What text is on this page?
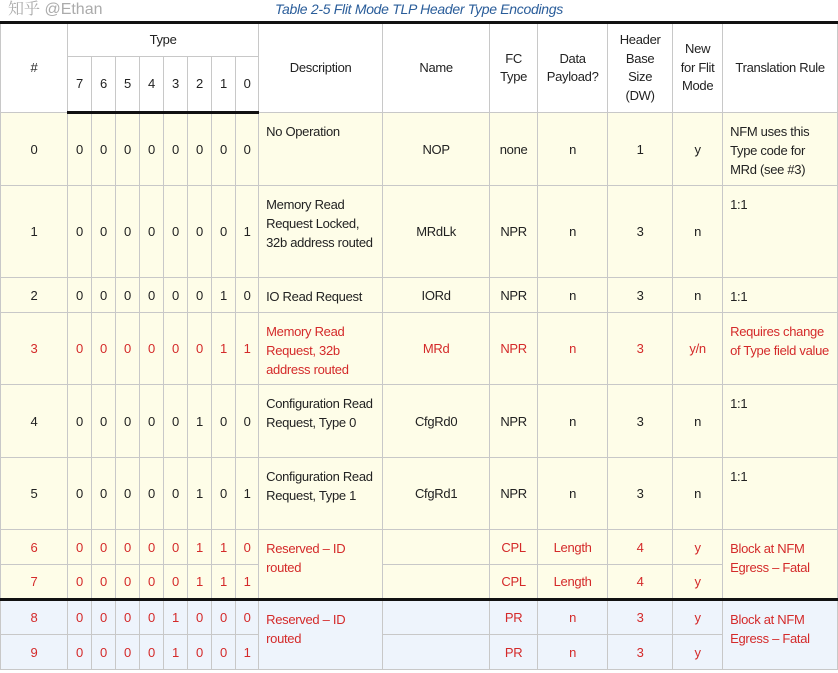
Table 2-5 Flit Mode TLP Header Type Encodings
#	Type								Description	Name	FC Type	Data Payload?	Header Base Size (DW)	New for Flit Mode	Translation Rule
	7	6	5	4	3	2	1	0							
0	0	0	0	0	0	0	0	0	No Operation	NOP	none	n	1	y	NFM uses this Type code for MRd (see #3)
1	0	0	0	0	0	0	0	1	Memory Read Request Locked, 32b address routed	MRdLk	NPR	n	3	n	1:1
2	0	0	0	0	0	0	1	0	IO Read Request	IORd	NPR	n	3	n	1:1
3	0	0	0	0	0	0	1	1	Memory Read Request, 32b address routed	MRd	NPR	n	3	y/n	Requires change of Type field value
4	0	0	0	0	0	1	0	0	Configuration Read Request, Type 0	CfgRd0	NPR	n	3	n	1:1
5	0	0	0	0	0	1	0	1	Configuration Read Request, Type 1	CfgRd1	NPR	n	3	n	1:1
6	0	0	0	0	0	1	1	0	Reserved – ID routed		CPL	Length	4	y	Block at NFM Egress – Fatal
7	0	0	0	0	0	1	1	1			CPL	Length	4	y	
8	0	0	0	0	1	0	0	0	Reserved – ID routed		PR	n	3	y	Block at NFM Egress – Fatal
9	0	0	0	0	1	0	0	1			PR	n	3	y	
知乎 @Ethan
